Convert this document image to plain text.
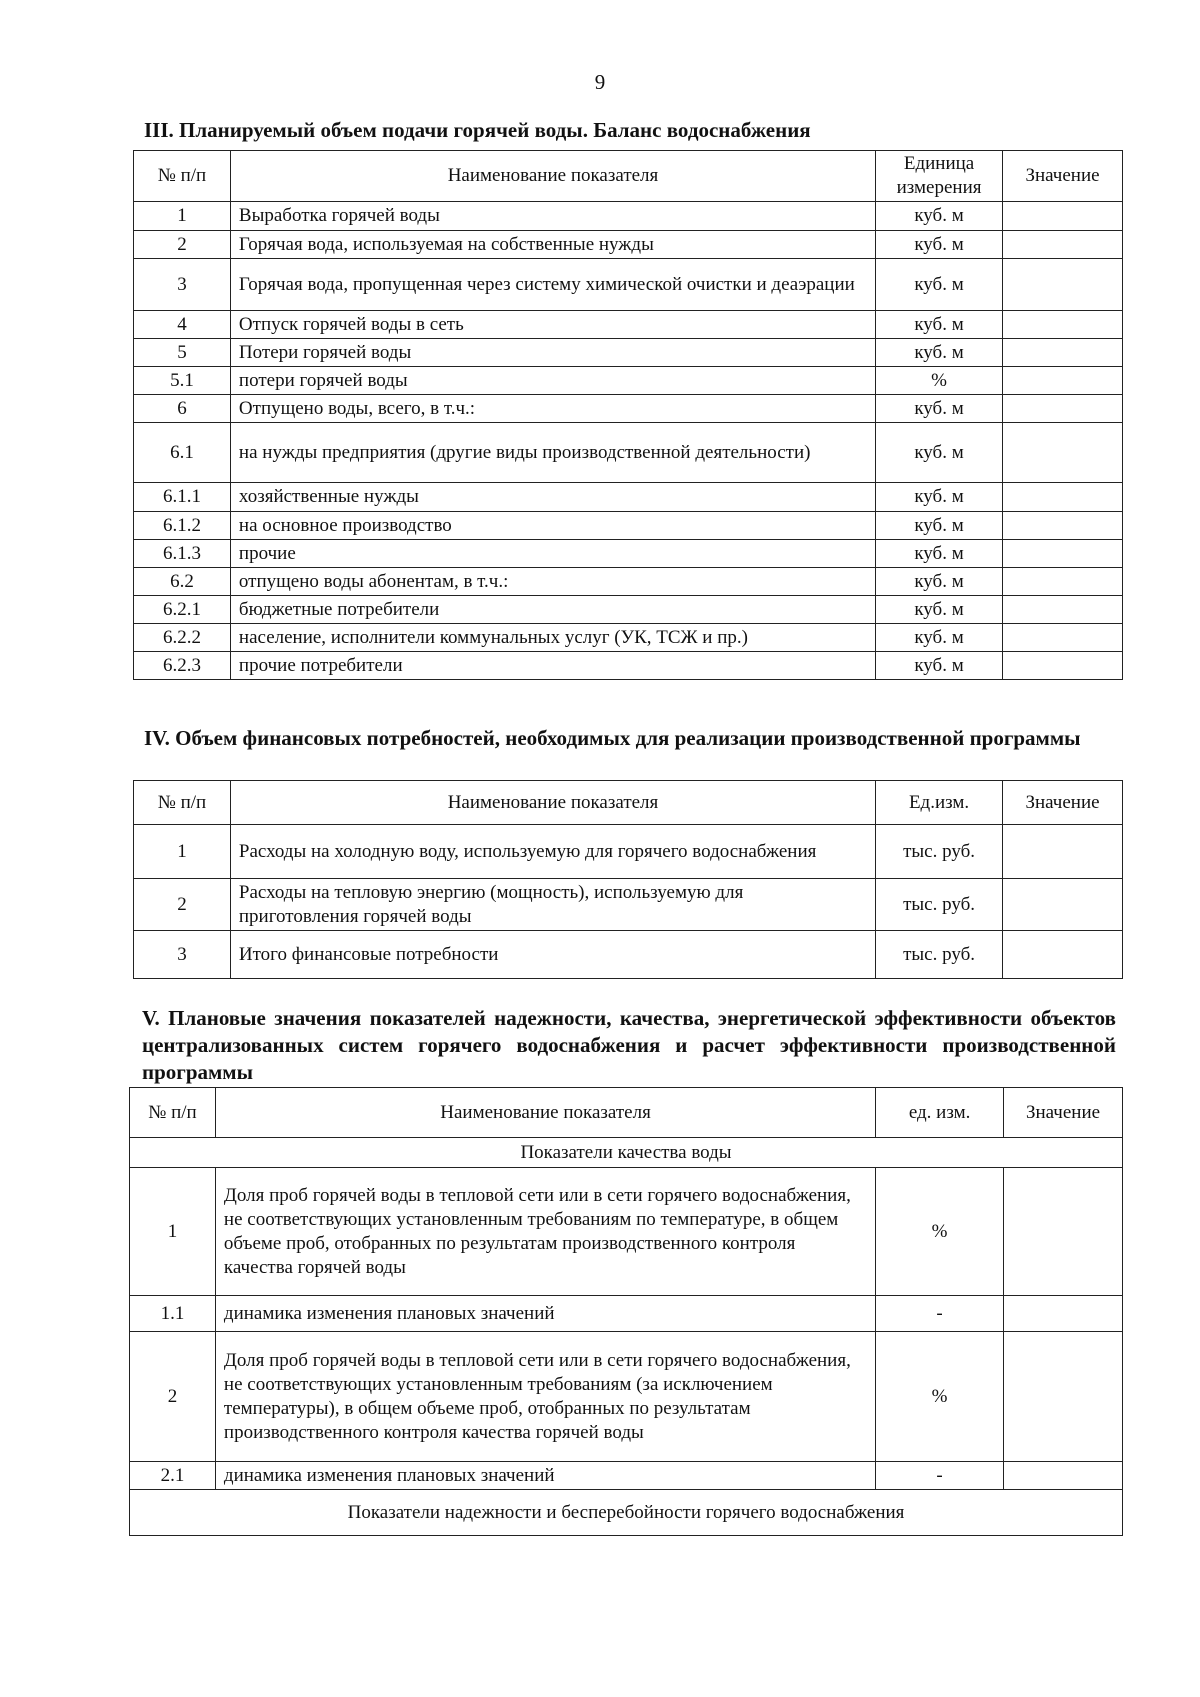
9
III. Планируемый объем подачи горячей воды. Баланс водоснабжения
№ п/п	Наименование показателя	Единица измерения	Значение
1	Выработка горячей воды	куб. м	
2	Горячая вода, используемая на собственные нужды	куб. м	
3	Горячая вода, пропущенная через систему химической очистки и деаэрации	куб. м	
4	Отпуск горячей воды в сеть	куб. м	
5	Потери горячей воды	куб. м	
5.1	потери горячей воды	%	
6	Отпущено воды, всего, в т.ч.:	куб. м	
6.1	на нужды предприятия (другие виды производственной деятельности)	куб. м	
6.1.1	хозяйственные нужды	куб. м	
6.1.2	на основное производство	куб. м	
6.1.3	прочие	куб. м	
6.2	отпущено воды абонентам, в т.ч.:	куб. м	
6.2.1	бюджетные потребители	куб. м	
6.2.2	население, исполнители коммунальных услуг (УК, ТСЖ и пр.)	куб. м	
6.2.3	прочие потребители	куб. м	
IV. Объем финансовых потребностей, необходимых для реализации производственной программы
№ п/п	Наименование показателя	Ед.изм.	Значение
1	Расходы на холодную воду, используемую для горячего водоснабжения	тыс. руб.	
2	Расходы на тепловую энергию (мощность), используемую для приготовления горячей воды	тыс. руб.	
3	Итого финансовые потребности	тыс. руб.	
V. Плановые значения показателей надежности, качества, энергетической эффективности объектов централизованных систем горячего водоснабжения и расчет эффективности производственной программы
№ п/п	Наименование показателя	ед. изм.	Значение
Показатели качества воды			
1	Доля проб горячей воды в тепловой сети или в сети горячего водоснабжения, не соответствующих установленным требованиям по температуре, в общем объеме проб, отобранных по результатам производственного контроля качества горячей воды	%	
1.1	динамика изменения плановых значений	-	
2	Доля проб горячей воды в тепловой сети или в сети горячего водоснабжения, не соответствующих установленным требованиям (за исключением температуры), в общем объеме проб, отобранных по результатам производственного контроля качества горячей воды	%	
2.1	динамика изменения плановых значений	-	
Показатели надежности и бесперебойности горячего водоснабжения			
